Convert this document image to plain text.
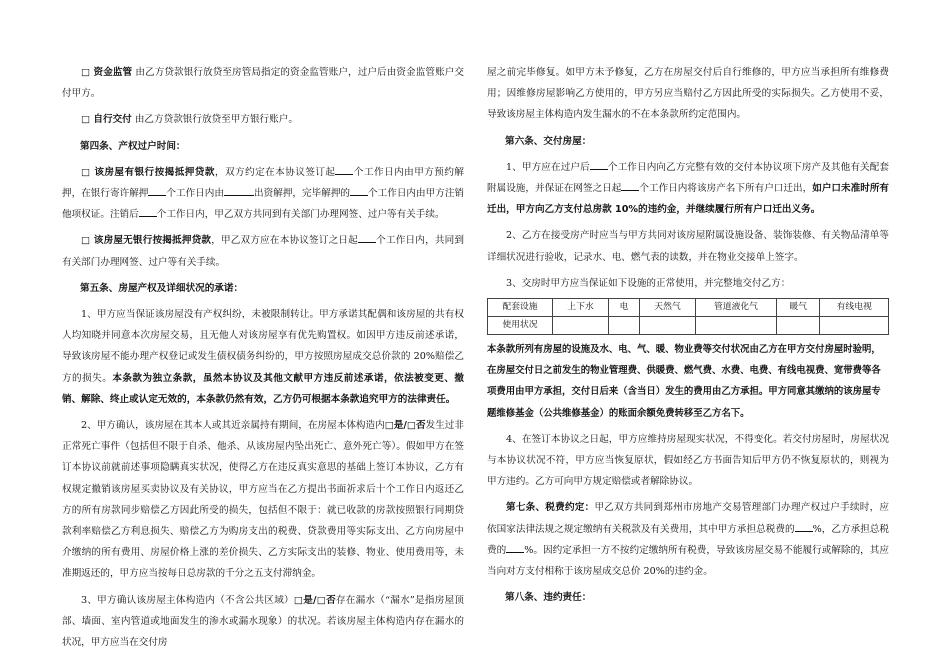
□ 资金监管 由乙方贷款银行放贷至房管局指定的资金监管账户，过户后由资金监管账户交付甲方。

□ 自行交付 由乙方贷款银行放贷至甲方银行账户。

第四条、产权过户时间：

□ 该房屋有银行按揭抵押贷款，双方约定在本协议签订起 个工作日内由甲方预约解押，在银行寄许解押 个工作日内由	出资解押，完毕解押的 个工作日内由甲方注销他项权证。注销后 个工作日内，甲乙双方共同到有关部门办理网签、过户等有关手续。

□ 该房屋无银行按揭抵押贷款，甲乙双方应在本协议签订之日起 个工作日内，共同到有关部门办理网签、过户等有关手续。

第五条、房屋产权及详细状况的承诺：

1、甲方应当保证该房屋没有产权纠纷，未被限制转让。甲方承诺其配偶和该房屋的共有权人均知晓并同意本次房屋交易，且无他人对该房屋享有优先购置权。如因甲方违反前述承诺，导致该房屋不能办理产权登记或发生债权债务纠纷的，甲方按照房屋成交总价款的 20%赔偿乙方的损失。本条款为独立条款，虽然本协议及其他文献甲方违反前述承诺，依法被变更、撤销、解除、终止或认定无效的，本条款仍然有效，乙方仍可根据本条款追究甲方的法律责任。

2、甲方确认，该房屋在其本人或其近亲属持有期间，在房屋本体构造内□是/□否发生过非正常死亡事件（包括但不限于自杀、他杀、从该房屋内坠出死亡、意外死亡等）。假如甲方在签订本协议前就前述事项隐瞒真实状况，使得乙方在违反真实意思的基础上签订本协议，乙方有权规定撤销该房屋买卖协议及有关协议，甲方应当在乙方提出书面祈求后十个工作日内返还乙方的所有房款同步赔偿乙方因此所受的损失，包括但不限于：就已收款的房款按照银行同期贷款利率赔偿乙方利息损失、赔偿乙方为购房支出的税费、贷款费用等实际支出、乙方向房屋中介缴纳的所有费用、房屋价格上涨的差价损失、乙方实际支出的装修、物业、使用费用等，未准期返还的，甲方应当按每日总房款的千分之五支付滞纳金。

3、甲方确认该房屋主体构造内（不含公共区域）□是/□否存在漏水（“漏水”是指房屋顶部、墙面、室内管道或地面发生的渗水或漏水现象）的状况。若该房屋主体构造内存在漏水的状况，甲方应当在交付房

屋之前完毕修复。如甲方未予修复，乙方在房屋交付后自行维修的，甲方应当承担所有维修费用；因维修房屋影响乙方使用的，甲方另应当赔付乙方因此所受的实际损失。乙方使用不妥，导致该房屋主体构造内发生漏水的不在本条款所约定范围内。

第六条、交付房屋：

1、甲方应在过户后 个工作日内向乙方完整有效的交付本协议项下房产及其他有关配套附属设施，并保证在网签之日起 个工作日内将该房产名下所有户口迁出，如户口未准时所有迁出，甲方向乙方支付总房款 10%的违约金，并继续履行所有户口迁出义务。

2、乙方在接受房产时应当与甲方共同对该房屋附属设施设备、装饰装修、有关物品清单等详细状况进行验收，记录水、电、燃气表的读数，并在物业交接单上签字。

3、交房时甲方应当保证如下设施的正常使用，并完整地交付乙方：

配套设施	上下水	电	天然气	管道液化气	暖气	有线电视
使用状况						

本条款所列有房屋的设施及水、电、气、暖、物业费等交付状况由乙方在甲方交付房屋时验明，在房屋交付日之前发生的物业管理费、供暖费、燃气费、水费、电费、有线电视费、宽带费等各项费用由甲方承担，交付日后来（含当日）发生的费用由乙方承担。甲方同意其缴纳的该房屋专题维修基金（公共维修基金）的账面余额免费转移至乙方名下。

4、在签订本协议之日起，甲方应维持房屋现实状况，不得变化。若交付房屋时，房屋状况与本协议状况不符，甲方应当恢复原状，假如经乙方书面告知后甲方仍不恢复原状的，则视为甲方违约。乙方可向甲方规定赔偿或者解除协议。

第七条、税费约定：甲乙双方共同到郑州市房地产交易管理部门办理产权过户手续时，应依国家法律法规之规定缴纳有关税款及有关费用，其中甲方承担总税费的 %，乙方承担总税费的 %。因约定承担一方不按约定缴纳所有税费，导致该房屋交易不能履行或解除的，其应当向对方支付相称于该房屋成交总价 20%的违约金。

第八条、违约责任：
